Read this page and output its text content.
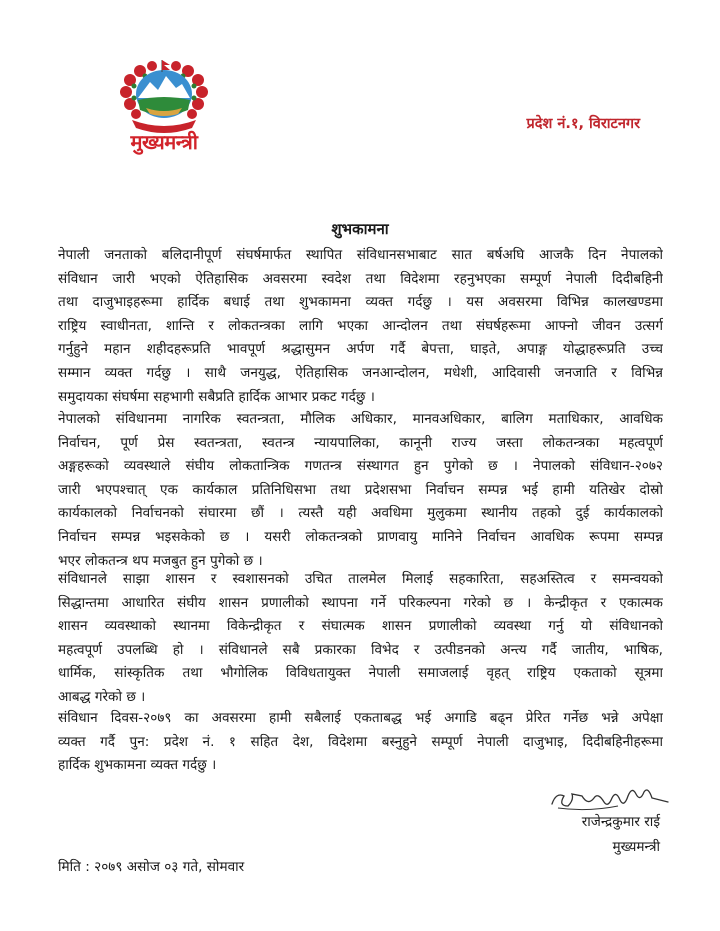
मुख्यमन्त्री
प्रदेश नं.१, विराटनगर
शुभकामना
नेपाली जनताको बलिदानीपूर्ण संघर्षमार्फत स्थापित संविधानसभाबाट सात बर्षअघि आजकै दिन नेपालको
संविधान जारी भएको ऐतिहासिक अवसरमा स्वदेश तथा विदेशमा रहनुभएका सम्पूर्ण नेपाली दिदीबहिनी
तथा दाजुभाइहरूमा हार्दिक बधाई तथा शुभकामना व्यक्त गर्दछु । यस अवसरमा विभिन्न कालखण्डमा
राष्ट्रिय स्वाधीनता, शान्ति र लोकतन्त्रका लागि भएका आन्दोलन तथा संघर्षहरूमा आफ्नो जीवन उत्सर्ग
गर्नुहुने महान शहीदहरूप्रति भावपूर्ण श्रद्धासुमन अर्पण गर्दै बेपत्ता, घाइते, अपाङ्ग योद्धाहरूप्रति उच्च
सम्मान व्यक्त गर्दछु । साथै जनयुद्ध, ऐतिहासिक जनआन्दोलन, मधेशी, आदिवासी जनजाति र विभिन्न
समुदायका संघर्षमा सहभागी सबैप्रति हार्दिक आभार प्रकट गर्दछु ।
नेपालको संविधानमा नागरिक स्वतन्त्रता, मौलिक अधिकार, मानवअधिकार, बालिग मताधिकार, आवधिक
निर्वाचन, पूर्ण प्रेस स्वतन्त्रता, स्वतन्त्र न्यायपालिका, कानूनी राज्य जस्ता लोकतन्त्रका महत्वपूर्ण
अङ्गहरूको व्यवस्थाले संघीय लोकतान्त्रिक गणतन्त्र संस्थागत हुन पुगेको छ । नेपालको संविधान-२०७२
जारी भएपश्चात् एक कार्यकाल प्रतिनिधिसभा तथा प्रदेशसभा निर्वाचन सम्पन्न भई हामी यतिखेर दोस्रो
कार्यकालको निर्वाचनको संघारमा छौं । त्यस्तै यही अवधिमा मुलुकमा स्थानीय तहको दुई कार्यकालको
निर्वाचन सम्पन्न भइसकेको छ । यसरी लोकतन्त्रको प्राणवायु मानिने निर्वाचन आवधिक रूपमा सम्पन्न
भएर लोकतन्त्र थप मजबुत हुन पुगेको छ ।
संविधानले साझा शासन र स्वशासनको उचित तालमेल मिलाई सहकारिता, सहअस्तित्व र समन्वयको
सिद्धान्तमा आधारित संघीय शासन प्रणालीको स्थापना गर्ने परिकल्पना गरेको छ । केन्द्रीकृत र एकात्मक
शासन व्यवस्थाको स्थानमा विकेन्द्रीकृत र संघात्मक शासन प्रणालीको व्यवस्था गर्नु यो संविधानको
महत्वपूर्ण उपलब्धि हो । संविधानले सबै प्रकारका विभेद र उत्पीडनको अन्त्य गर्दै जातीय, भाषिक,
धार्मिक, सांस्कृतिक तथा भौगोलिक विविधतायुक्त नेपाली समाजलाई वृहत् राष्ट्रिय एकताको सूत्रमा
आबद्ध गरेको छ ।
संविधान दिवस-२०७९ का अवसरमा हामी सबैलाई एकताबद्ध भई अगाडि बढ्न प्रेरित गर्नेछ भन्ने अपेक्षा
व्यक्त गर्दै पुन: प्रदेश नं. १ सहित देश, विदेशमा बस्नुहुने सम्पूर्ण नेपाली दाजुभाइ, दिदीबहिनीहरूमा
हार्दिक शुभकामना व्यक्त गर्दछु ।
राजेन्द्रकुमार राई
मुख्यमन्त्री
मिति : २०७९ असोज ०३ गते, सोमवार
